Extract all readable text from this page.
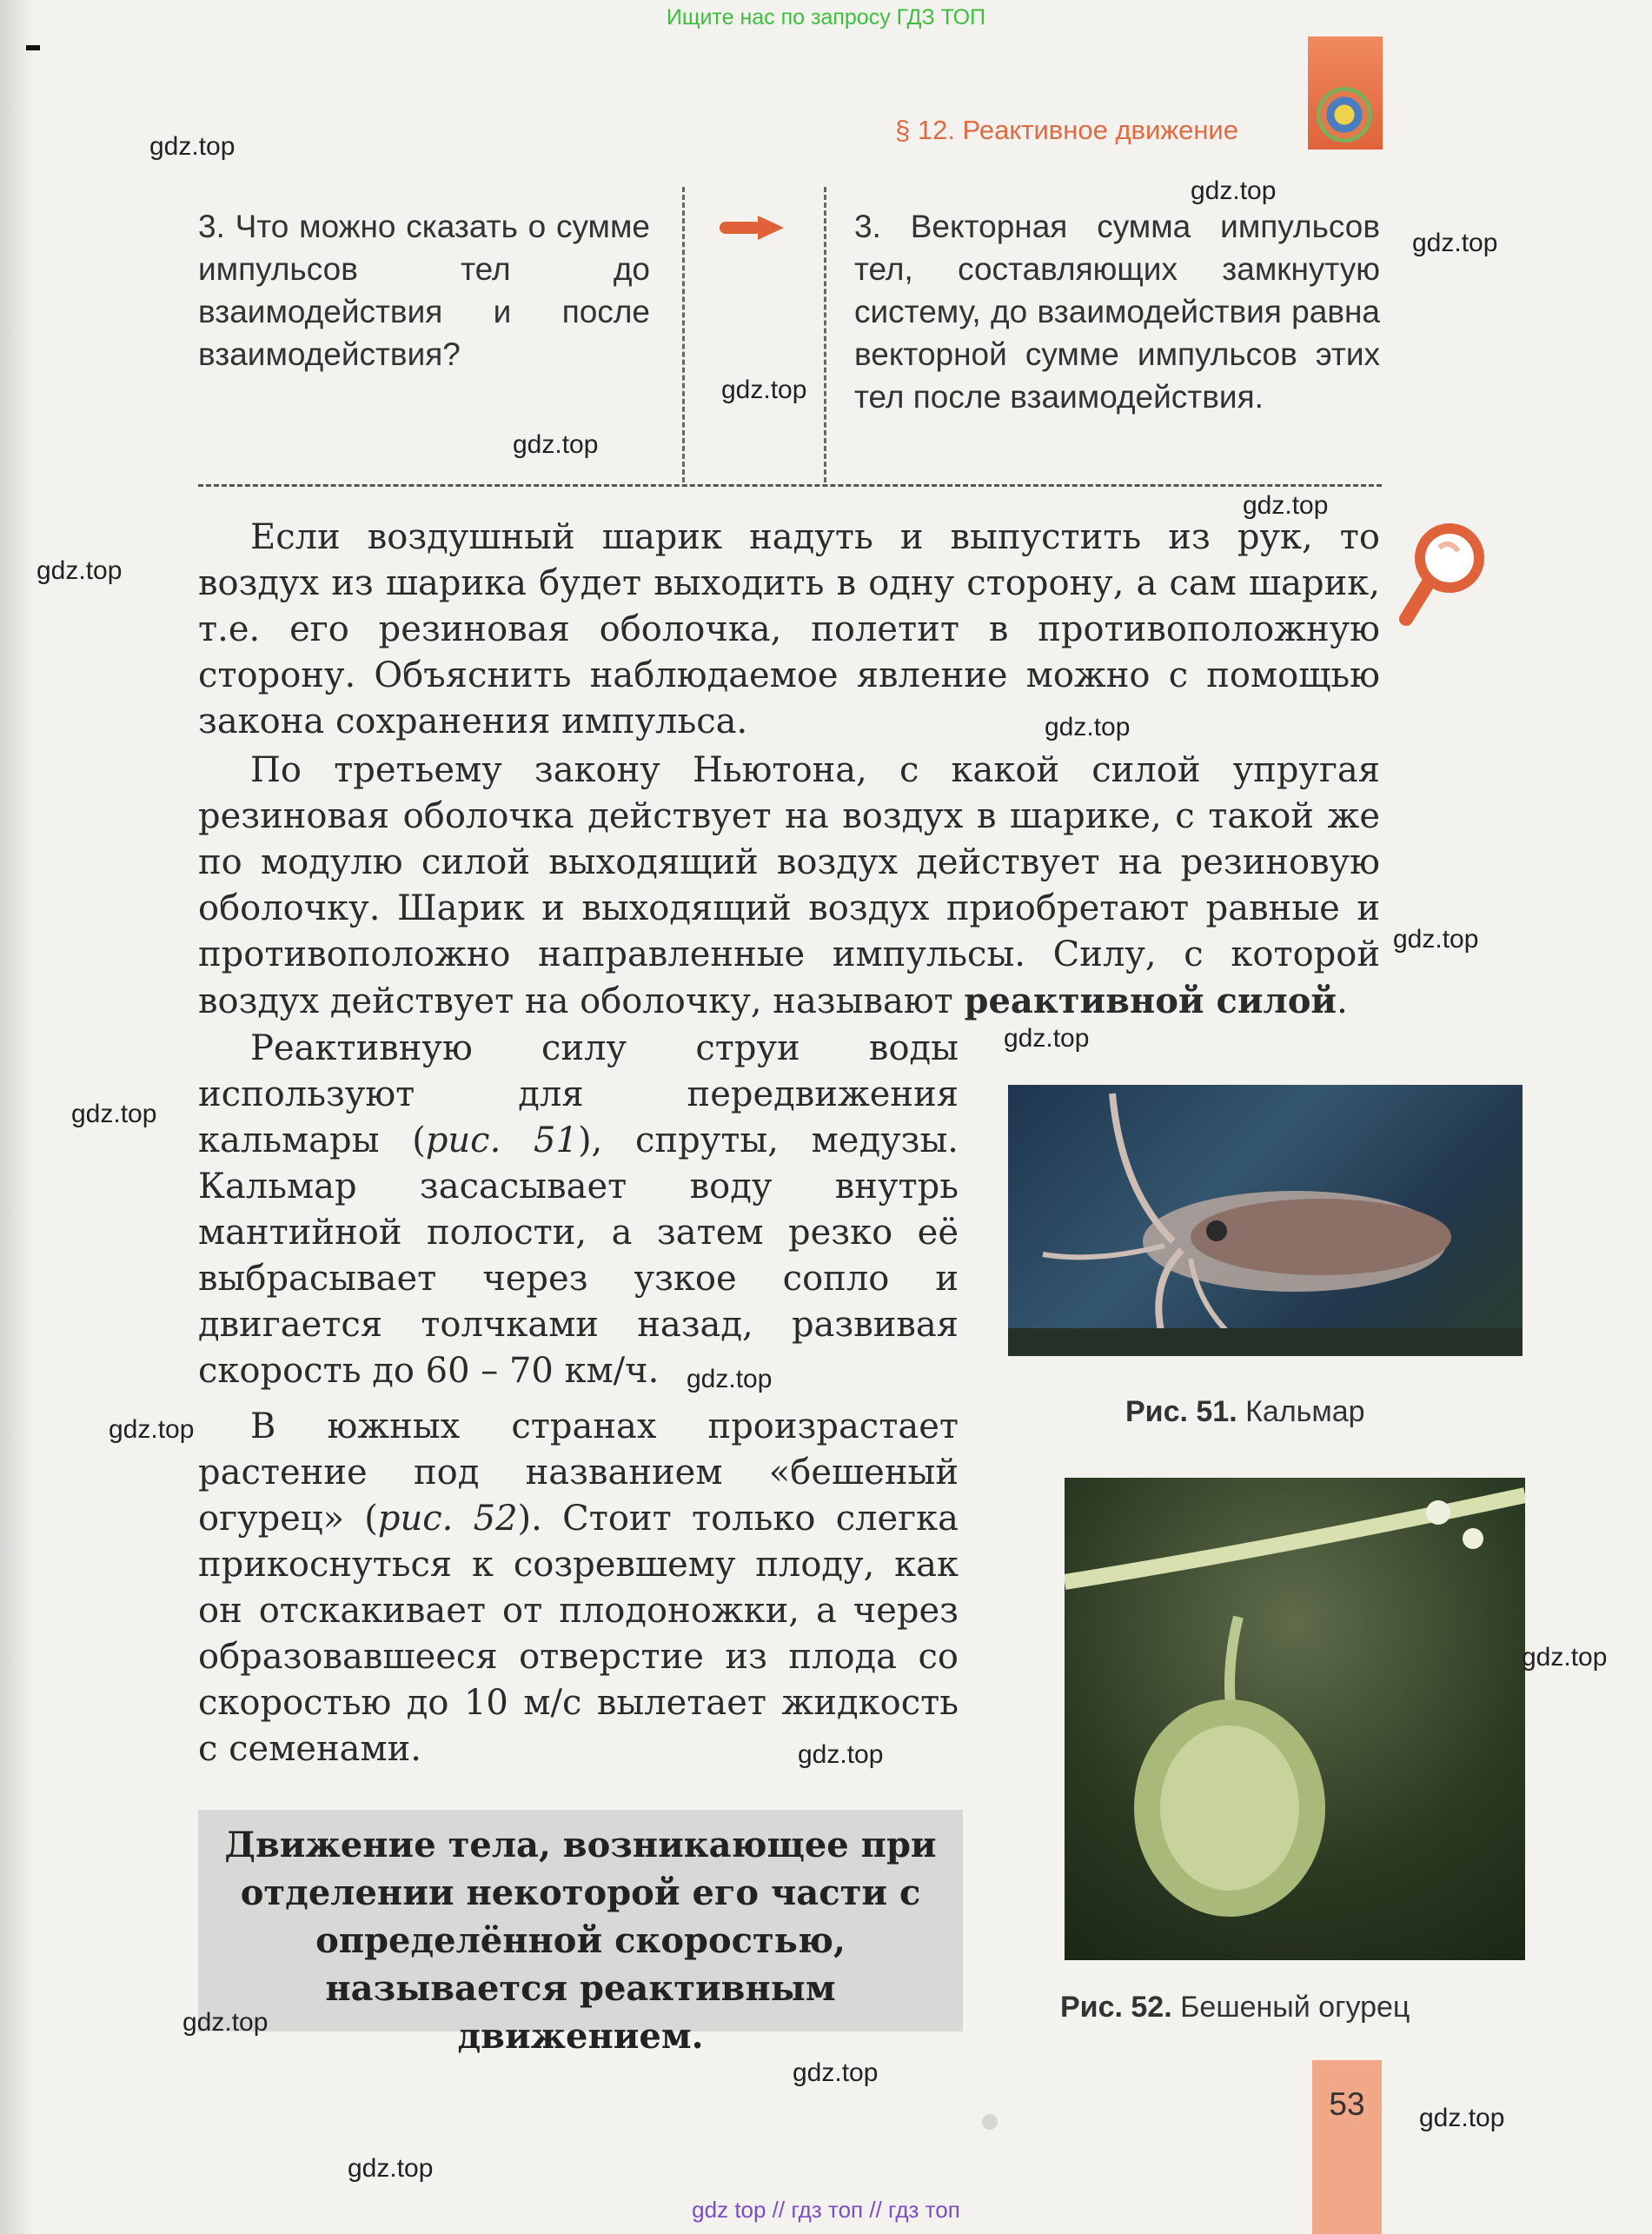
Ищите нас по запросу ГДЗ ТОП
§ 12. Реактивное движение
3. Что можно сказать о сумме импульсов тел до взаимодействия и после взаимодействия?
3. Векторная сумма импульсов тел, составляющих замкнутую систему, до взаимодействия равна векторной сумме импульсов этих тел после взаимодействия.
Если воздушный шарик надуть и выпустить из рук, то воздух из шарика будет выходить в одну сторону, а сам шарик, т.е. его резиновая оболочка, полетит в противоположную сторону. Объяснить наблюдаемое явление можно с помощью закона сохранения импульса.
По третьему закону Ньютона, с какой силой упругая резиновая оболочка действует на воздух в шарике, с такой же по модулю силой выходящий воздух действует на резиновую оболочку. Шарик и выходящий воздух приобретают равные и противоположно направленные импульсы. Силу, с которой воздух действует на оболочку, называют реактивной силой.
Реактивную силу струи воды используют для передвижения кальмары (рис. 51), спруты, медузы. Кальмар засасывает воду внутрь мантийной полости, а затем резко её выбрасывает через узкое сопло и двигается толчками назад, развивая скорость до 60 – 70 км/ч.
В южных странах произрастает растение под названием «бешеный огурец» (рис. 52). Стоит только слегка прикоснуться к созревшему плоду, как он отскакивает от плодоножки, а через образовавшееся отверстие из плода со скоростью до 10 м/с вылетает жидкость с семенами.
Рис. 51. Кальмар
Рис. 52. Бешеный огурец
Движение тела, возникающее при отделении некоторой его части с определённой скоростью, называется реактивным движением.
53
gdz.top
gdz.top
gdz.top
gdz.top
gdz.top
gdz.top
gdz.top
gdz.top
gdz.top
gdz.top
gdz.top
gdz.top
gdz.top
gdz.top
gdz.top
gdz.top
gdz.top
gdz.top
gdz.top
gdz top // гдз топ // гдз топ
